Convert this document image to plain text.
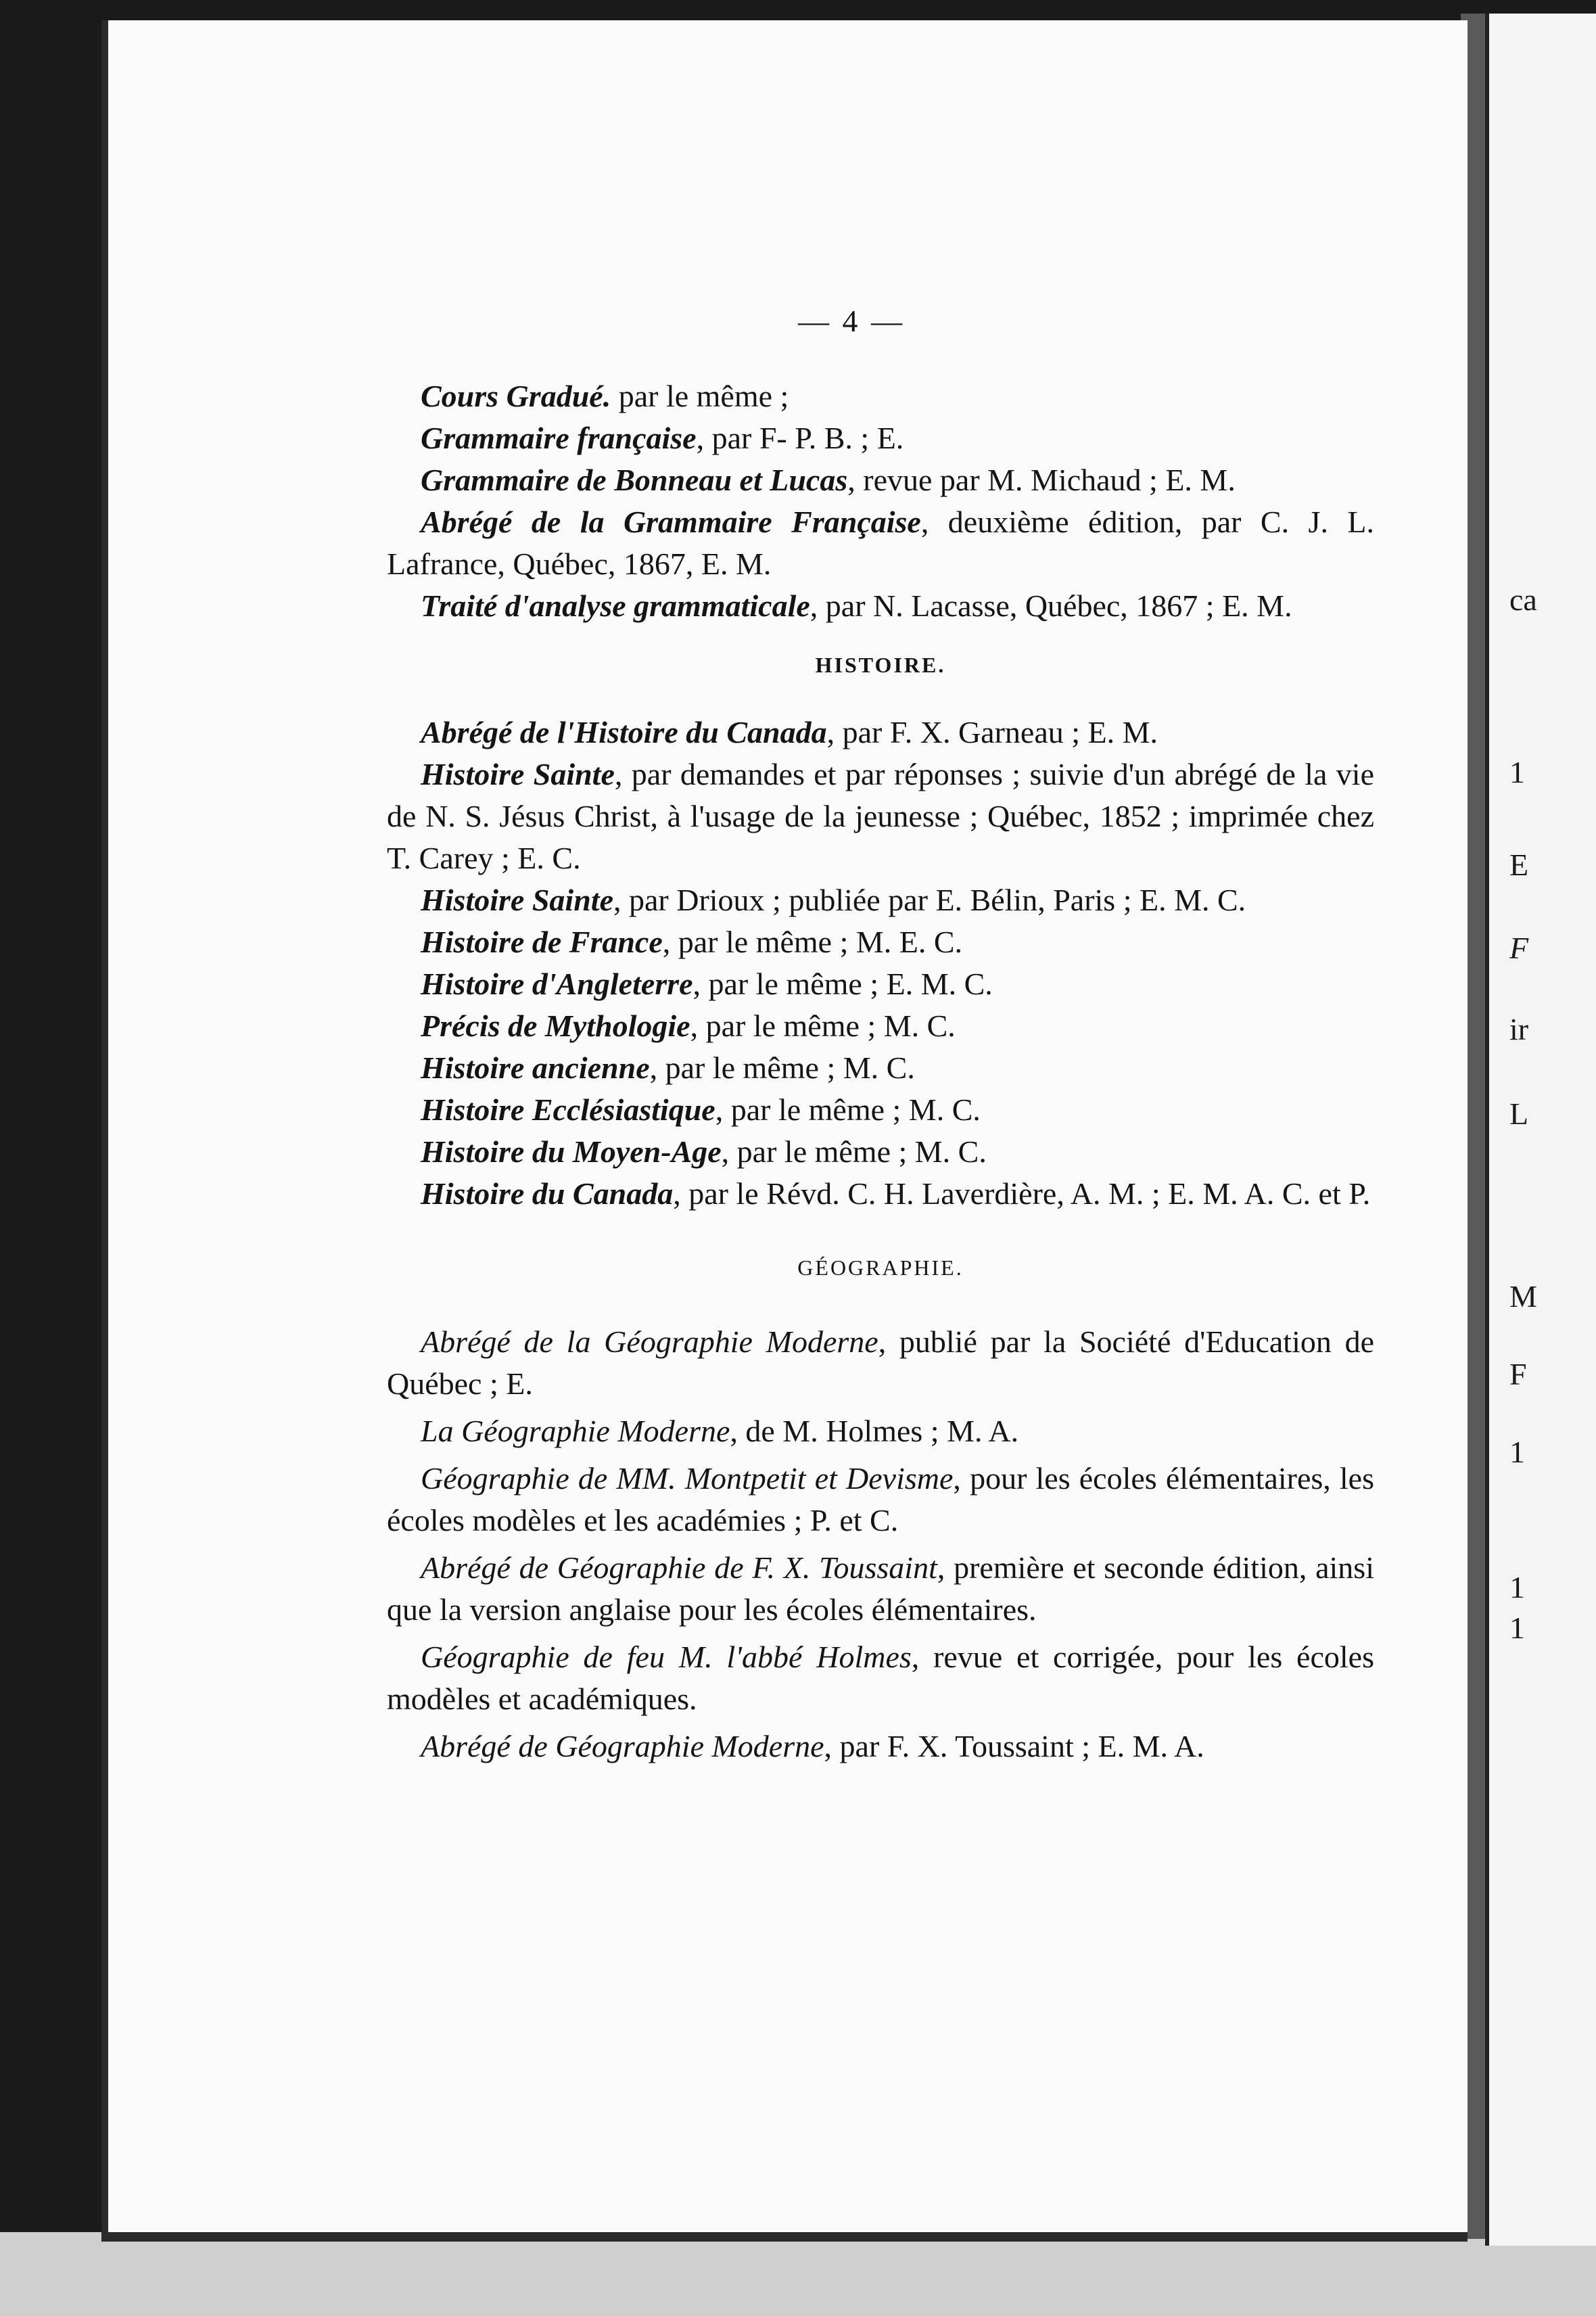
ca
1
E
F
ir
L
M
F
1
1
1
— 4 —

Cours Gradué. par le même ;

Grammaire française, par F- P. B. ; E.

Grammaire de Bonneau et Lucas, revue par M. Michaud ; E. M.

Abrégé de la Grammaire Française, deuxième édition, par C. J. L. Lafrance, Québec, 1867, E. M.

Traité d'analyse grammaticale, par N. Lacasse, Québec, 1867 ; E. M.

HISTOIRE.

Abrégé de l'Histoire du Canada, par F. X. Garneau ; E. M.

Histoire Sainte, par demandes et par réponses ; suivie d'un abrégé de la vie de N. S. Jésus Christ, à l'usage de la jeunesse ; Québec, 1852 ; imprimée chez T. Carey ; E. C.

Histoire Sainte, par Drioux ; publiée par E. Bélin, Paris ; E. M. C.

Histoire de France, par le même ; M. E. C.

Histoire d'Angleterre, par le même ; E. M. C.

Précis de Mythologie, par le même ; M. C.

Histoire ancienne, par le même ; M. C.

Histoire Ecclésiastique, par le même ; M. C.

Histoire du Moyen-Age, par le même ; M. C.

Histoire du Canada, par le Révd. C. H. Laverdière, A. M. ; E. M. A. C. et P.

GÉOGRAPHIE.

Abrégé de la Géographie Moderne, publié par la Société d'Education de Québec ; E.

La Géographie Moderne, de M. Holmes ; M. A.

Géographie de MM. Montpetit et Devisme, pour les écoles élémentaires, les écoles modèles et les académies ; P. et C.

Abrégé de Géographie de F. X. Toussaint, première et seconde édition, ainsi que la version anglaise pour les écoles élémentaires.

Géographie de feu M. l'abbé Holmes, revue et corrigée, pour les écoles modèles et académiques.

Abrégé de Géographie Moderne, par F. X. Toussaint ; E. M. A.
